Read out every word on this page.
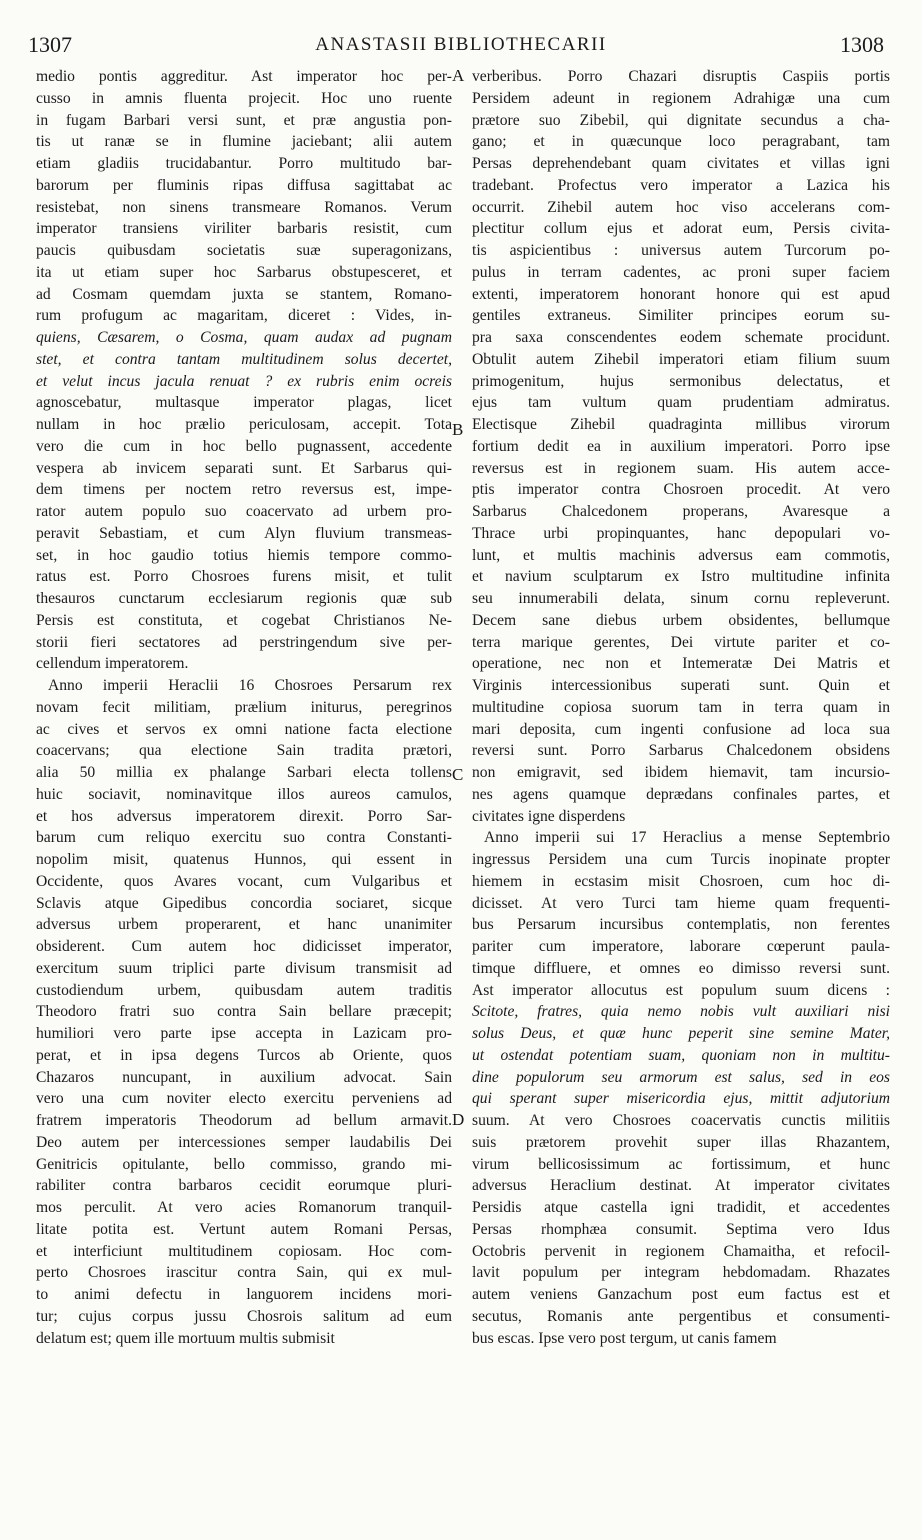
1307	ANASTASII BIBLIOTHECARII	1308
A
B
C
D
medio pontis aggreditur. Ast imperator hoc per-
cusso in amnis fluenta projecit. Hoc uno ruente
in fugam Barbari versi sunt, et præ angustia pon-
tis ut ranæ se in flumine jaciebant; alii autem
etiam gladiis trucidabantur. Porro multitudo bar-
barorum per fluminis ripas diffusa sagittabat ac
resistebat, non sinens transmeare Romanos. Verum
imperator transiens viriliter barbaris resistit, cum
paucis quibusdam societatis suæ superagonizans,
ita ut etiam super hoc Sarbarus obstupesceret, et
ad Cosmam quemdam juxta se stantem, Romano-
rum profugum ac magaritam, diceret : Vides, in-
quiens, Cæsarem, o Cosma, quam audax ad pugnam
stet, et contra tantam multitudinem solus decertet,
et velut incus jacula renuat ? ex rubris enim ocreis
agnoscebatur, multasque imperator plagas, licet
nullam in hoc prælio periculosam, accepit. Tota
vero die cum in hoc bello pugnassent, accedente
vespera ab invicem separati sunt. Et Sarbarus qui-
dem timens per noctem retro reversus est, impe-
rator autem populo suo coacervato ad urbem pro-
peravit Sebastiam, et cum Alyn fluvium transmeas-
set, in hoc gaudio totius hiemis tempore commo-
ratus est. Porro Chosroes furens misit, et tulit
thesauros cunctarum ecclesiarum regionis quæ sub
Persis est constituta, et cogebat Christianos Ne-
storii fieri sectatores ad perstringendum sive per-
cellendum imperatorem.
Anno imperii Heraclii 16 Chosroes Persarum rex
novam fecit militiam, prælium initurus, peregrinos
ac cives et servos ex omni natione facta electione
coacervans; qua electione Sain tradita prætori,
alia 50 millia ex phalange Sarbari electa tollens
huic sociavit, nominavitque illos aureos camulos,
et hos adversus imperatorem direxit. Porro Sar-
barum cum reliquo exercitu suo contra Constanti-
nopolim misit, quatenus Hunnos, qui essent in
Occidente, quos Avares vocant, cum Vulgaribus et
Sclavis atque Gipedibus concordia sociaret, sicque
adversus urbem properarent, et hanc unanimiter
obsiderent. Cum autem hoc didicisset imperator,
exercitum suum triplici parte divisum transmisit ad
custodiendum urbem, quibusdam autem traditis
Theodoro fratri suo contra Sain bellare præcepit;
humiliori vero parte ipse accepta in Lazicam pro-
perat, et in ipsa degens Turcos ab Oriente, quos
Chazaros nuncupant, in auxilium advocat. Sain
vero una cum noviter electo exercitu perveniens ad
fratrem imperatoris Theodorum ad bellum armavit.
Deo autem per intercessiones semper laudabilis Dei
Genitricis opitulante, bello commisso, grando mi-
rabiliter contra barbaros cecidit eorumque pluri-
mos perculit. At vero acies Romanorum tranquil-
litate potita est. Vertunt autem Romani Persas,
et interficiunt multitudinem copiosam. Hoc com-
perto Chosroes irascitur contra Sain, qui ex mul-
to animi defectu in languorem incidens mori-
tur; cujus corpus jussu Chosrois salitum ad eum
delatum est; quem ille mortuum multis submisit
verberibus. Porro Chazari disruptis Caspiis portis
Persidem adeunt in regionem Adrahigæ una cum
prætore suo Zibebil, qui dignitate secundus a cha-
gano; et in quæcunque loco peragrabant, tam
Persas deprehendebant quam civitates et villas igni
tradebant. Profectus vero imperator a Lazica his
occurrit. Zihebil autem hoc viso accelerans com-
plectitur collum ejus et adorat eum, Persis civita-
tis aspicientibus : universus autem Turcorum po-
pulus in terram cadentes, ac proni super faciem
extenti, imperatorem honorant honore qui est apud
gentiles extraneus. Similiter principes eorum su-
pra saxa conscendentes eodem schemate procidunt.
Obtulit autem Zihebil imperatori etiam filium suum
primogenitum, hujus sermonibus delectatus, et
ejus tam vultum quam prudentiam admiratus.
Electisque Zihebil quadraginta millibus virorum
fortium dedit ea in auxilium imperatori. Porro ipse
reversus est in regionem suam. His autem acce-
ptis imperator contra Chosroen procedit. At vero
Sarbarus Chalcedonem properans, Avaresque a
Thrace urbi propinquantes, hanc depopulari vo-
lunt, et multis machinis adversus eam commotis,
et navium sculptarum ex Istro multitudine infinita
seu innumerabili delata, sinum cornu repleverunt.
Decem sane diebus urbem obsidentes, bellumque
terra marique gerentes, Dei virtute pariter et co-
operatione, nec non et Intemeratæ Dei Matris et
Virginis intercessionibus superati sunt. Quin et
multitudine copiosa suorum tam in terra quam in
mari deposita, cum ingenti confusione ad loca sua
reversi sunt. Porro Sarbarus Chalcedonem obsidens
non emigravit, sed ibidem hiemavit, tam incursio-
nes agens quamque deprædans confinales partes, et
civitates igne disperdens
Anno imperii sui 17 Heraclius a mense Septembrio
ingressus Persidem una cum Turcis inopinate propter
hiemem in ecstasim misit Chosroen, cum hoc di-
dicisset. At vero Turci tam hieme quam frequenti-
bus Persarum incursibus contemplatis, non ferentes
pariter cum imperatore, laborare cœperunt paula-
timque diffluere, et omnes eo dimisso reversi sunt.
Ast imperator allocutus est populum suum dicens :
Scitote, fratres, quia nemo nobis vult auxiliari nisi
solus Deus, et quæ hunc peperit sine semine Mater,
ut ostendat potentiam suam, quoniam non in multitu-
dine populorum seu armorum est salus, sed in eos
qui sperant super misericordia ejus, mittit adjutorium
suum. At vero Chosroes coacervatis cunctis militiis
suis prætorem provehit super illas Rhazantem,
virum bellicosissimum ac fortissimum, et hunc
adversus Heraclium destinat. At imperator civitates
Persidis atque castella igni tradidit, et accedentes
Persas rhomphæa consumit. Septima vero Idus
Octobris pervenit in regionem Chamaitha, et refocil-
lavit populum per integram hebdomadam. Rhazates
autem veniens Ganzachum post eum factus est et
secutus, Romanis ante pergentibus et consumenti-
bus escas. Ipse vero post tergum, ut canis famem
